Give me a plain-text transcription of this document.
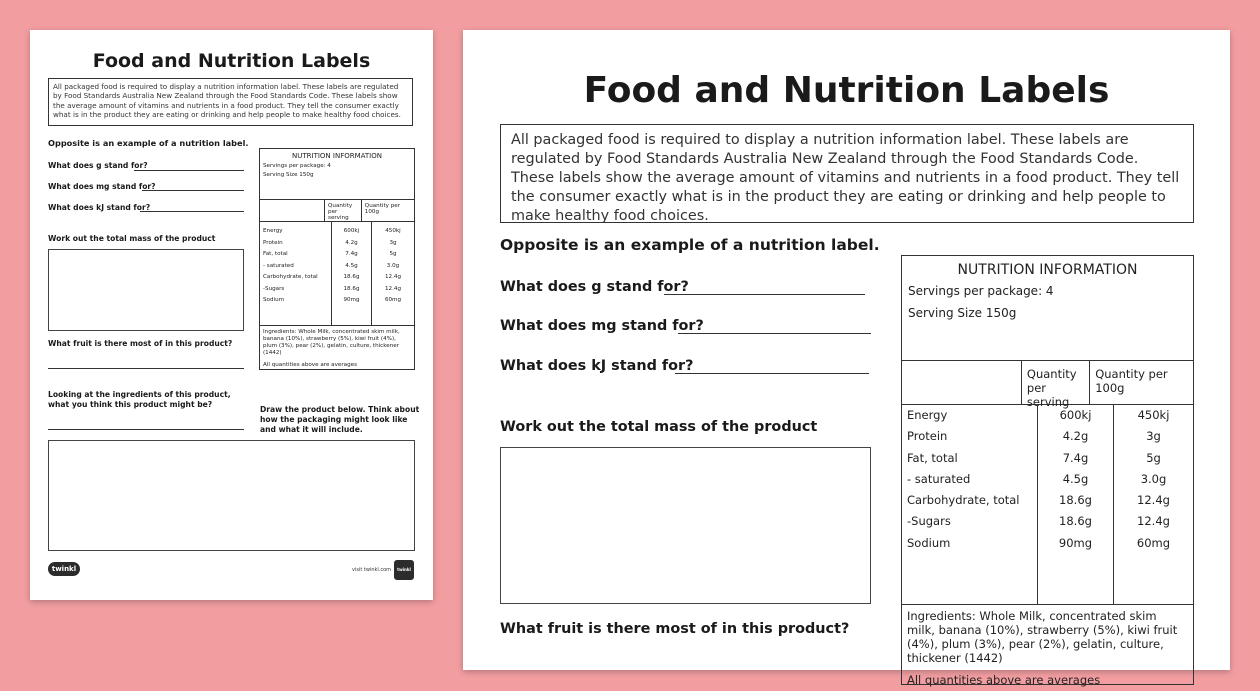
Food and Nutrition Labels
All packaged food is required to display a nutrition information label. These labels are regulated by Food Standards Australia New Zealand through the Food Standards Code. These labels show the average amount of vitamins and nutrients in a food product. They tell the consumer exactly what is in the product they are eating or drinking and help people to make healthy food choices.
Opposite is an example of a nutrition label.
What does g stand for?
What does mg stand for?
What does kJ stand for?
Work out the total mass of the product
What fruit is there most of in this product?
Looking at the ingredients of this product, what you think this product might be?
Draw the product below. Think about how the packaging might look like and what it will include.
NUTRITION INFORMATION
Servings per package: 4
Serving Size 150g
Quantity per serving
Quantity per 100g
Energy
Protein
Fat, total
- saturated
Carbohydrate, total
-Sugars
Sodium
600kj
4.2g
7.4g
4.5g
18.6g
18.6g
90mg
450kj
3g
5g
3.0g
12.4g
12.4g
60mg
Ingredients: Whole Milk, concentrated skim milk, banana (10%), strawberry (5%), kiwi fruit (4%), plum (3%), pear (2%), gelatin, culture, thickener (1442)
All quantities above are averages
twinkl	visit twinkl.com	twinkl
Food and Nutrition Labels
All packaged food is required to display a nutrition information label. These labels are regulated by Food Standards Australia New Zealand through the Food Standards Code. These labels show the average amount of vitamins and nutrients in a food product. They tell the consumer exactly what is in the product they are eating or drinking and help people to make healthy food choices.
Opposite is an example of a nutrition label.
What does g stand for?
What does mg stand for?
What does kJ stand for?
Work out the total mass of the product
What fruit is there most of in this product?
NUTRITION INFORMATION
Servings per package: 4
Serving Size 150g
Quantity per serving
Quantity per 100g
Energy
Protein
Fat, total
- saturated
Carbohydrate, total
-Sugars
Sodium
600kj
4.2g
7.4g
4.5g
18.6g
18.6g
90mg
450kj
3g
5g
3.0g
12.4g
12.4g
60mg
Ingredients: Whole Milk, concentrated skim milk, banana (10%), strawberry (5%), kiwi fruit (4%), plum (3%), pear (2%), gelatin, culture, thickener (1442)
All quantities above are averages
